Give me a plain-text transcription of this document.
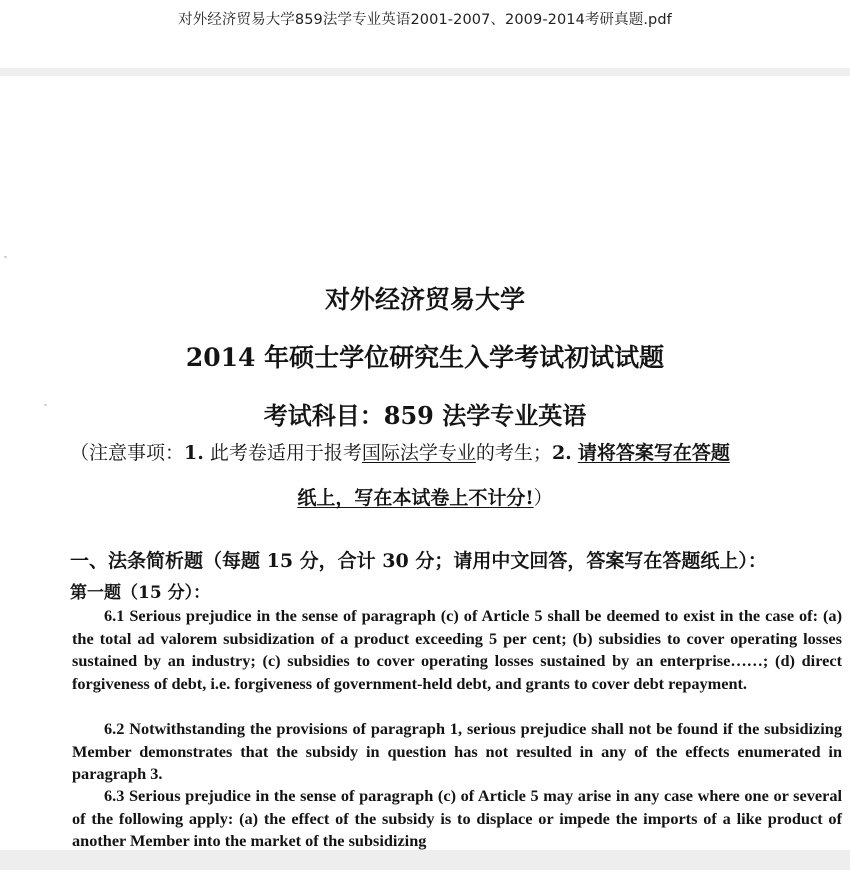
对外经济贸易大学859法学专业英语2001-2007、2009-2014考研真题.pdf
对外经济贸易大学
2014 年硕士学位研究生入学考试初试试题
考试科目：859 法学专业英语
（注意事项：1. 此考卷适用于报考国际法学专业的考生；2. 请将答案写在答题
纸上，写在本试卷上不计分!）
一、法条简析题（每题 15 分，合计 30 分；请用中文回答，答案写在答题纸上）：
第一题（15 分）：

6.1 Serious prejudice in the sense of paragraph (c) of Article 5 shall be deemed to exist in the case of: (a) the total ad valorem subsidization of a product exceeding 5 per cent; (b) subsidies to cover operating losses sustained by an industry; (c) subsidies to cover operating losses sustained by an enterprise……; (d) direct forgiveness of debt, i.e. forgiveness of government-held debt, and grants to cover debt repayment.

6.2 Notwithstanding the provisions of paragraph 1, serious prejudice shall not be found if the subsidizing Member demonstrates that the subsidy in question has not resulted in any of the effects enumerated in paragraph 3.

6.3 Serious prejudice in the sense of paragraph (c) of Article 5 may arise in any case where one or several of the following apply: (a) the effect of the subsidy is to displace or impede the imports of a like product of another Member into the market of the subsidizing
